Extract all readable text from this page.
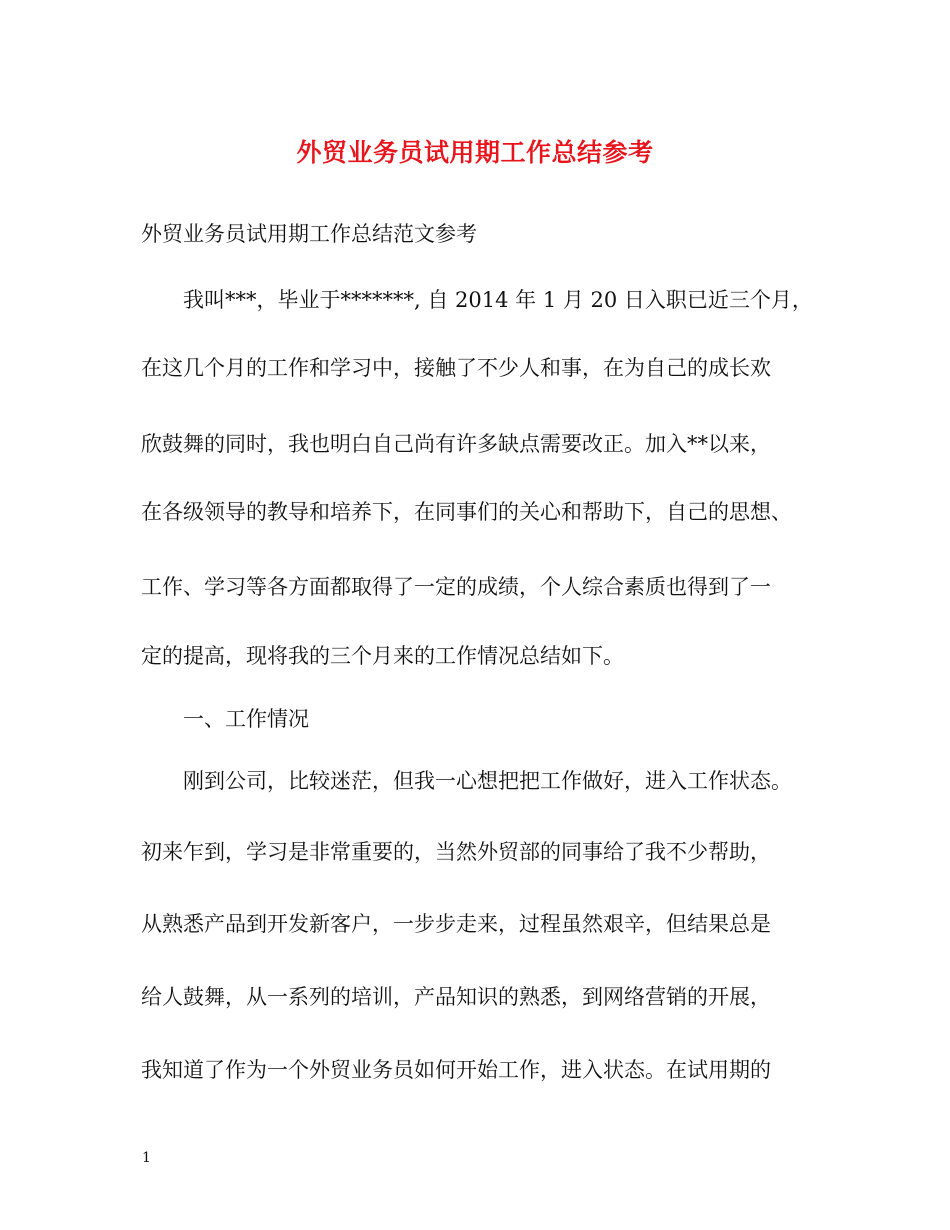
外贸业务员试用期工作总结参考
外贸业务员试用期工作总结范文参考
我叫***，毕业于*******, 自 2014 年 1 月 20 日入职已近三个月，
在这几个月的工作和学习中，接触了不少人和事，在为自己的成长欢
欣鼓舞的同时，我也明白自己尚有许多缺点需要改正。加入**以来，
在各级领导的教导和培养下，在同事们的关心和帮助下，自己的思想、
工作、学习等各方面都取得了一定的成绩，个人综合素质也得到了一
定的提高，现将我的三个月来的工作情况总结如下。
一、工作情况
刚到公司，比较迷茫，但我一心想把把工作做好，进入工作状态。
初来乍到，学习是非常重要的，当然外贸部的同事给了我不少帮助，
从熟悉产品到开发新客户，一步步走来，过程虽然艰辛，但结果总是
给人鼓舞，从一系列的培训，产品知识的熟悉，到网络营销的开展，
我知道了作为一个外贸业务员如何开始工作，进入状态。在试用期的
1
